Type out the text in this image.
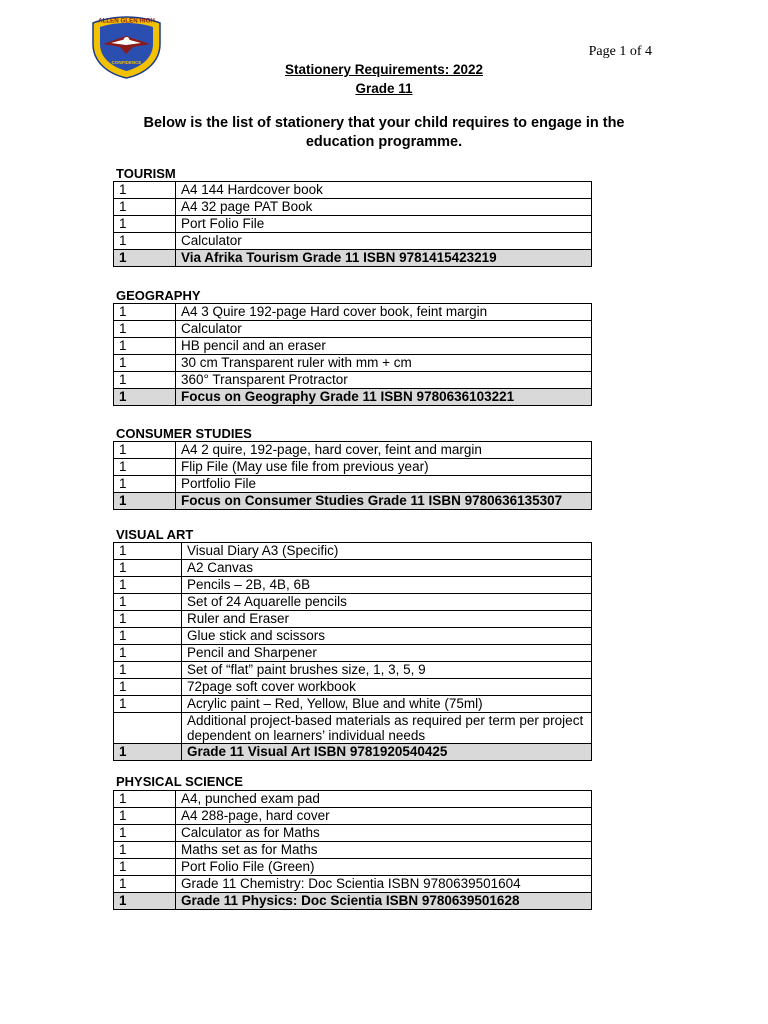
ALLEN GLEN HIGH
CONFIDENCE
Page 1 of 4
Stationery Requirements: 2022
Grade 11
Below is the list of stationery that your child requires to engage in the education programme.
TOURISM
1	A4 144 Hardcover book
1	A4 32 page PAT Book
1	Port Folio File
1	Calculator
1	Via Afrika Tourism Grade 11 ISBN 9781415423219
GEOGRAPHY
1	A4 3 Quire 192-page Hard cover book, feint margin
1	Calculator
1	HB pencil and an eraser
1	30 cm Transparent ruler with mm + cm
1	360° Transparent Protractor
1	Focus on Geography Grade 11 ISBN 9780636103221
CONSUMER STUDIES
1	A4 2 quire, 192-page, hard cover, feint and margin
1	Flip File (May use file from previous year)
1	Portfolio File
1	Focus on Consumer Studies Grade 11 ISBN 9780636135307
VISUAL ART
1	Visual Diary A3 (Specific)
1	A2 Canvas
1	Pencils – 2B, 4B, 6B
1	Set of 24 Aquarelle pencils
1	Ruler and Eraser
1	Glue stick and scissors
1	Pencil and Sharpener
1	Set of “flat” paint brushes size, 1, 3, 5, 9
1	72page soft cover workbook
1	Acrylic paint – Red, Yellow, Blue and white (75ml)
	Additional project-based materials as required per term per project dependent on learners’ individual needs
1	Grade 11 Visual Art ISBN 9781920540425
PHYSICAL SCIENCE
1	A4, punched exam pad
1	A4 288-page, hard cover
1	Calculator as for Maths
1	Maths set as for Maths
1	Port Folio File (Green)
1	Grade 11 Chemistry: Doc Scientia ISBN 9780639501604
1	Grade 11 Physics: Doc Scientia ISBN 9780639501628
